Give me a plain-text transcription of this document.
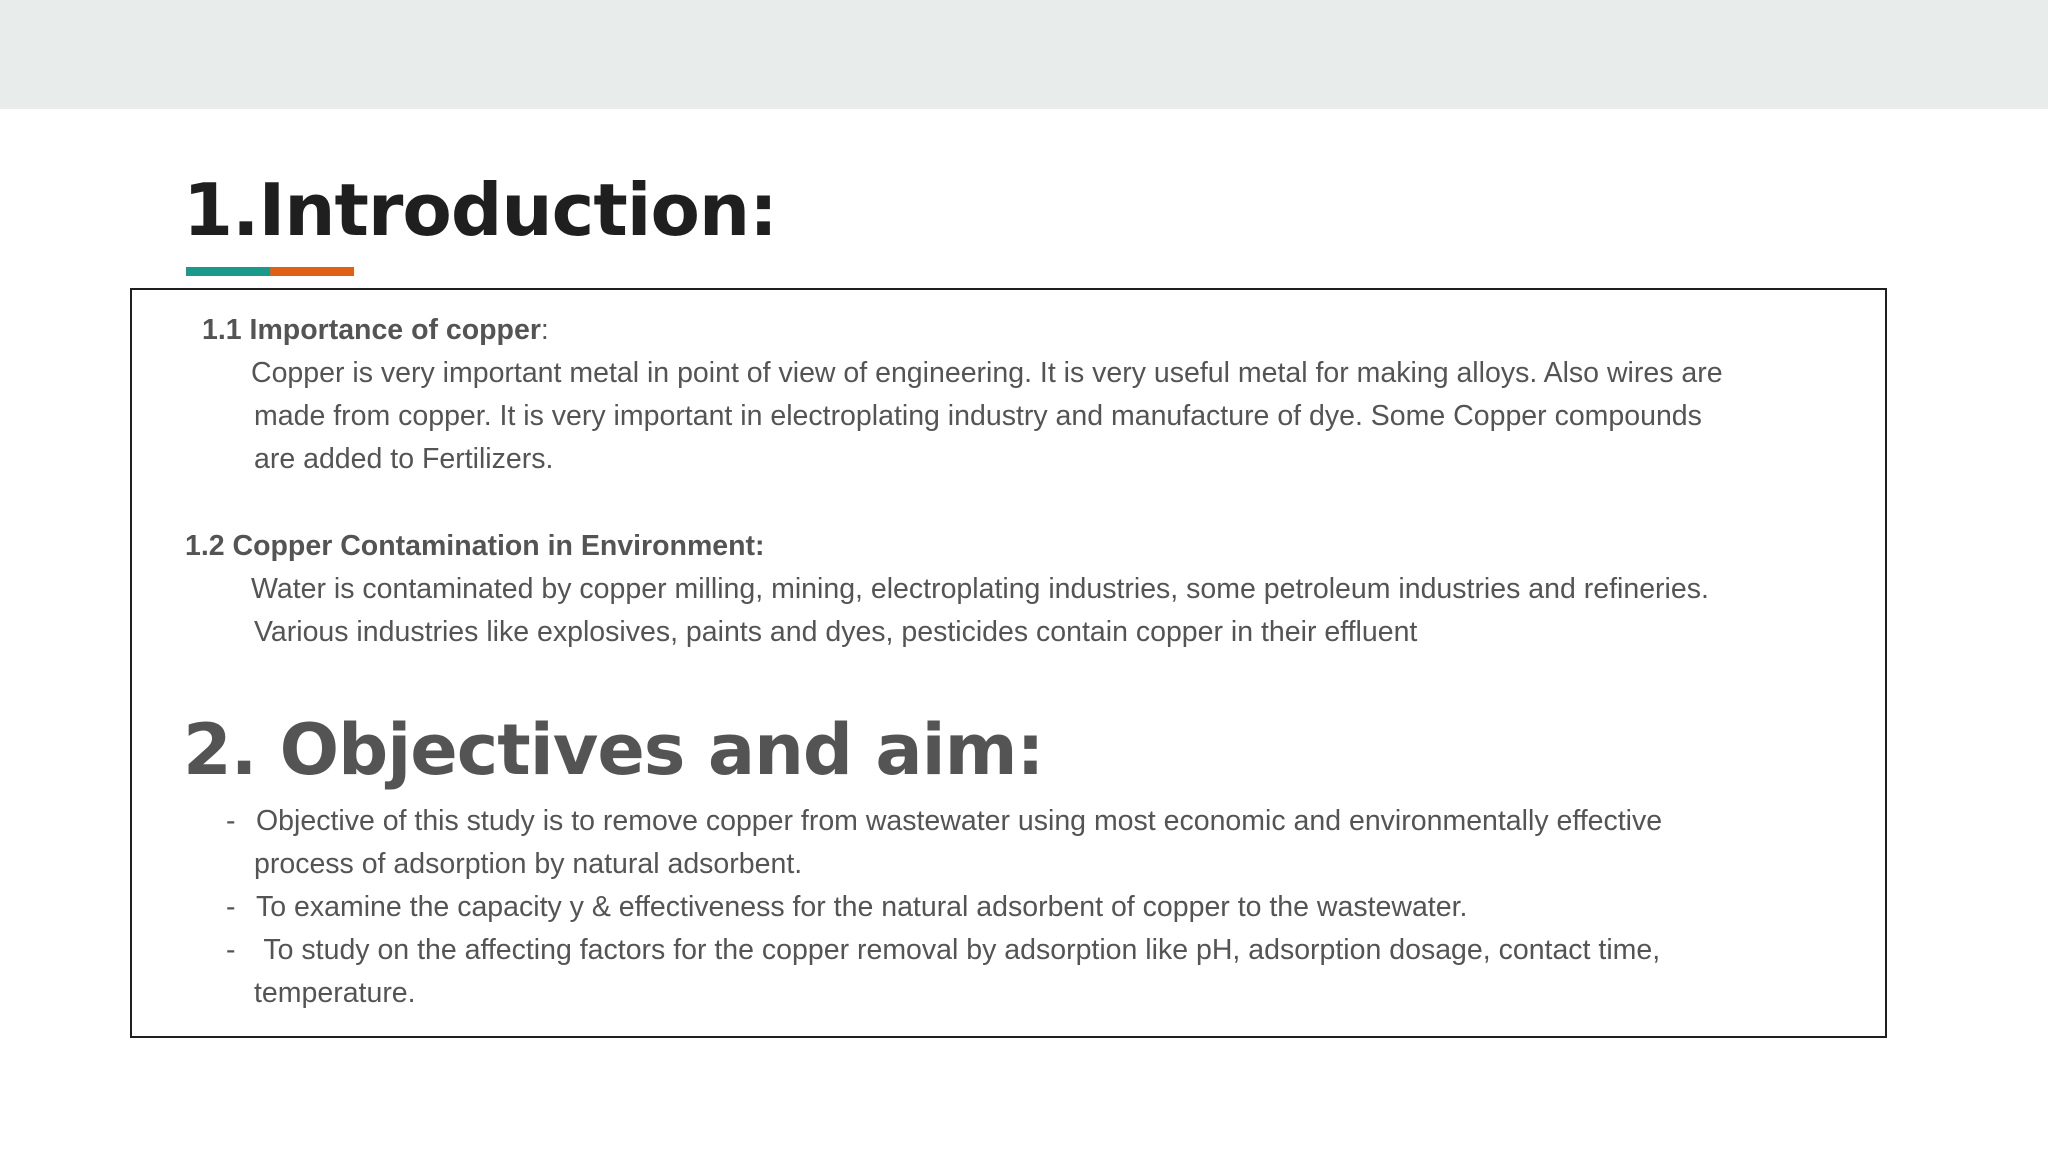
1.Introduction:

1.1 Importance of copper:

Copper is very important metal in point of view of engineering. It is very useful metal for making alloys. Also wires are

made from copper. It is very important in electroplating industry and manufacture of dye. Some Copper compounds

are added to Fertilizers.

1.2 Copper Contamination in Environment:

Water is contaminated by copper milling, mining, electroplating industries, some petroleum industries and refineries.

Various industries like explosives, paints and dyes, pesticides contain copper in their effluent

2. Objectives and aim:
- Objective of this study is to remove copper from wastewater using most economic and environmentally effective

process of adsorption by natural adsorbent.

- To examine the capacity y & effectiveness for the natural adsorbent of copper to the wastewater.

- To study on the affecting factors for the copper removal by adsorption like pH, adsorption dosage, contact time,

temperature.
